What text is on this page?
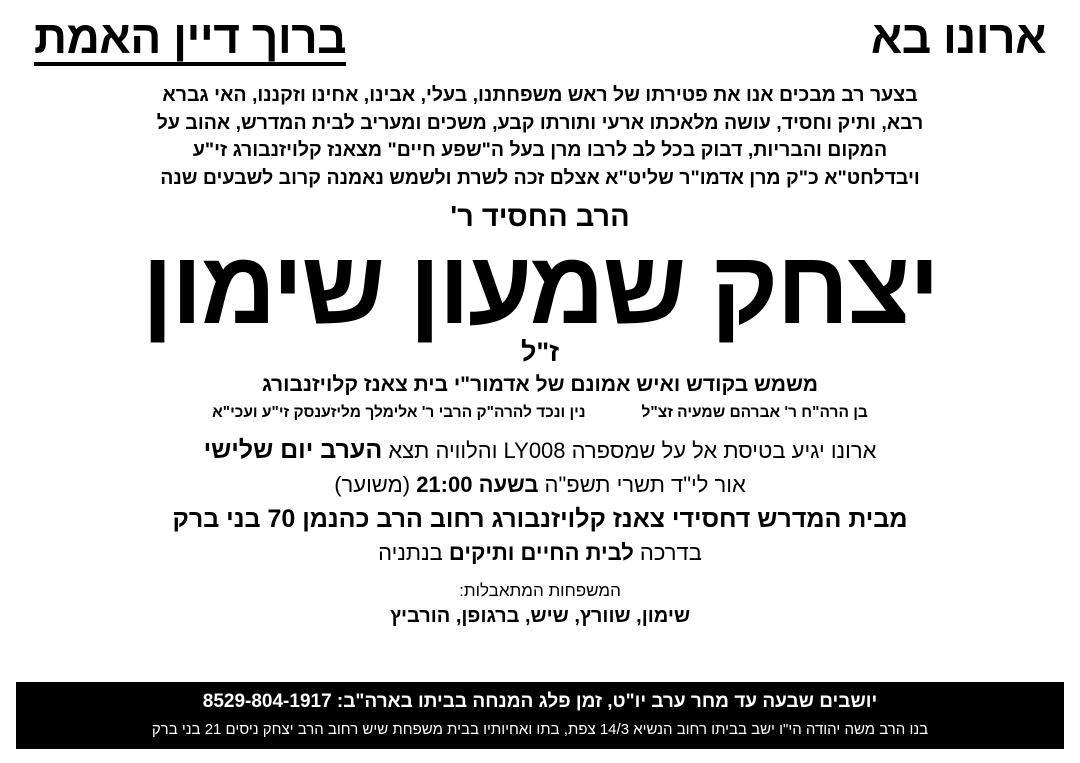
ארונו בא
ברוך דיין האמת
בצער רב מבכים אנו את פטירתו של ראש משפחתנו, בעלי, אבינו, אחינו וזקננו, האי גברא
רבא, ותיק וחסיד, עושה מלאכתו ארעי ותורתו קבע, משכים ומעריב לבית המדרש, אהוב על
המקום והבריות, דבוק בכל לב לרבו מרן בעל ה"שפע חיים" מצאנז קלויזנבורג זי"ע
ויבדלחט"א כ"ק מרן אדמו"ר שליט"א אצלם זכה לשרת ולשמש נאמנה קרוב לשבעים שנה
הרב החסיד ר'
יצחק
שמעון
שימון
ז"ל
משמש בקודש ואיש אמונם של אדמור"י בית צאנז קלויזנבורג
בן הרה"ח ר' אברהם שמעיה זצ"ל
נין ונכד להרה"ק הרבי ר' אלימלך מליזענסק זי"ע ועכי"א
ארונו יגיע בטיסת אל על שמספרה LY008 והלוויה תצא הערב יום שלישי
אור לי"ד תשרי תשפ"ה בשעה 21:00 (משוער)
מבית המדרש דחסידי צאנז קלויזנבורג רחוב הרב כהנמן 70 בני ברק
בדרכה לבית החיים ותיקים בנתניה
המשפחות המתאבלות:
שימון, שוורץ, שיש, ברגופן, הורביץ
יושבים שבעה עד מחר ערב יו"ט, זמן פלג המנחה בביתו בארה"ב: 8529-804-1917
בנו הרב משה יהודה הי"ו ישב בביתו רחוב הנשיא 14/3 צפת, בתו ואחיותיו בבית משפחת שיש רחוב הרב יצחק ניסים 21 בני ברק
